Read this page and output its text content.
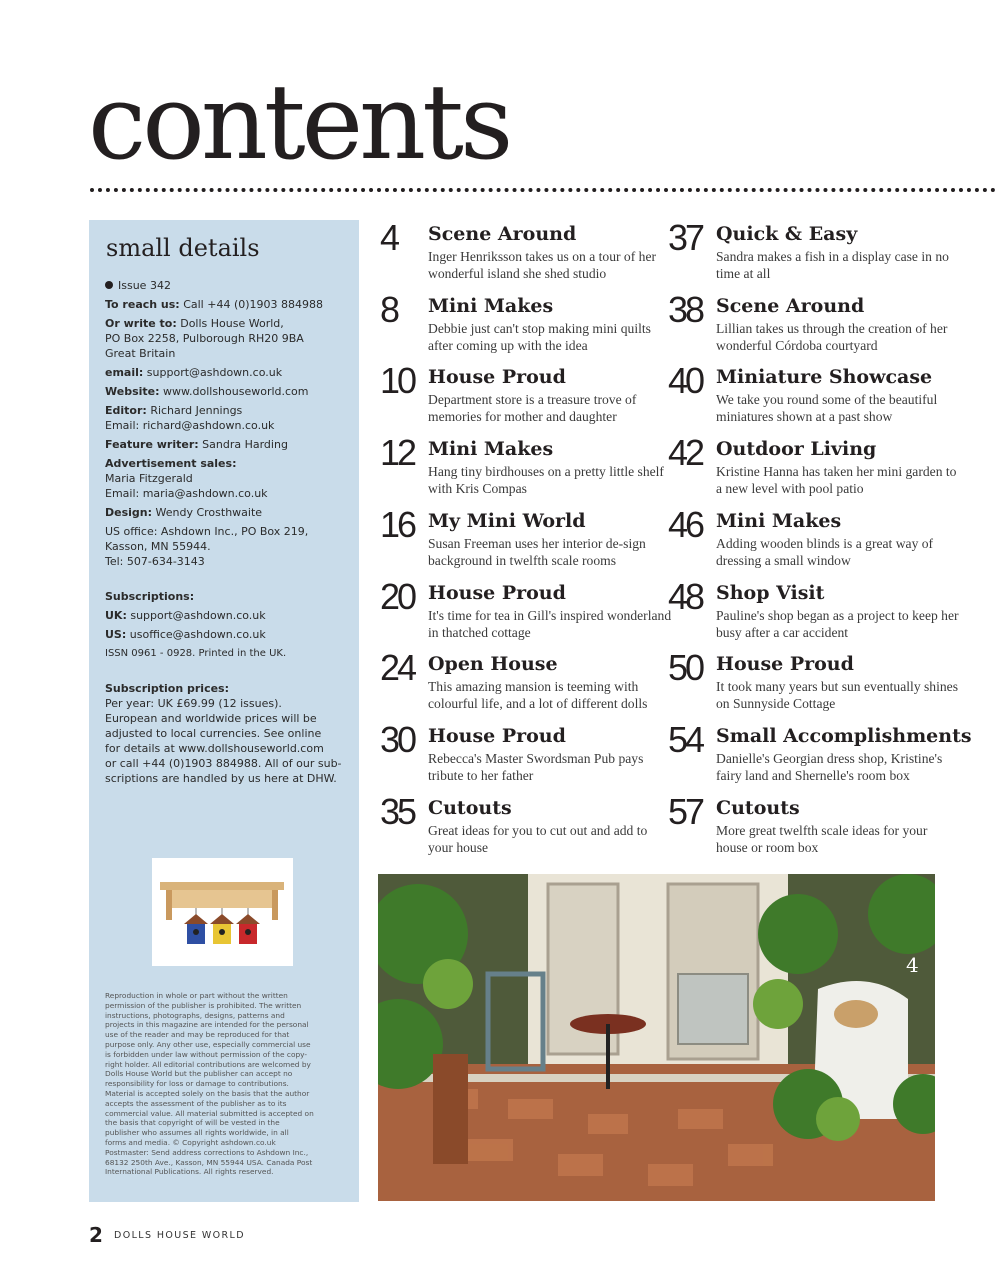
contents
small details

Issue 342

To reach us: Call +44 (0)1903 884988

Or write to: Dolls House World,
PO Box 2258, Pulborough RH20 9BA
Great Britain

email: support@ashdown.co.uk

Website: www.dollshouseworld.com

Editor: Richard Jennings
Email: richard@ashdown.co.uk

Feature writer: Sandra Harding

Advertisement sales:
Maria Fitzgerald
Email: maria@ashdown.co.uk

Design: Wendy Crosthwaite

US office: Ashdown Inc., PO Box 219,
Kasson, MN 55944.
Tel: 507-634-3143

Subscriptions:

UK: support@ashdown.co.uk

US: usoffice@ashdown.co.uk

ISSN 0961 - 0928. Printed in the UK.

Subscription prices:
Per year: UK £69.99 (12 issues).
European and worldwide prices will be
adjusted to local currencies. See online
for details at www.dollshouseworld.com
or call +44 (0)1903 884988. All of our sub-
scriptions are handled by us here at DHW.

Reproduction in whole or part without the written

permission of the publisher is prohibited. The written

instructions, photographs, designs, patterns and

projects in this magazine are intended for the personal

use of the reader and may be reproduced for that

purpose only. Any other use, especially commercial use

is forbidden under law without permission of the copy-

right holder. All editorial contributions are welcomed by

Dolls House World but the publisher can accept no

responsibility for loss or damage to contributions.

Material is accepted solely on the basis that the author

accepts the assessment of the publisher as to its

commercial value. All material submitted is accepted on

the basis that copyright of will be vested in the

publisher who assumes all rights worldwide, in all

forms and media. © Copyright ashdown.co.uk

Postmaster: Send address corrections to Ashdown Inc.,

68132 250th Ave., Kasson, MN 55944 USA. Canada Post

International Publications. All rights reserved.

4 Scene Around
Inger Henriksson takes us on a tour of her wonderful island she shed studio
8 Mini Makes
Debbie just can't stop making mini quilts after coming up with the idea
10 House Proud
Department store is a treasure trove of memories for mother and daughter
12 Mini Makes
Hang tiny birdhouses on a pretty little shelf with Kris Compas
16 My Mini World
Susan Freeman uses her interior de-sign background in twelfth scale rooms
20 House Proud
It's time for tea in Gill's inspired wonderland in thatched cottage
24 Open House
This amazing mansion is teeming with colourful life, and a lot of different dolls
30 House Proud
Rebecca's Master Swordsman Pub pays tribute to her father
35 Cutouts
Great ideas for you to cut out and add to your house
37 Quick & Easy
Sandra makes a fish in a display case in no time at all
38 Scene Around
Lillian takes us through the creation of her wonderful Córdoba courtyard
40 Miniature Showcase
We take you round some of the beautiful miniatures shown at a past show
42 Outdoor Living
Kristine Hanna has taken her mini garden to a new level with pool patio
46 Mini Makes
Adding wooden blinds is a great way of dressing a small window
48 Shop Visit
Pauline's shop began as a project to keep her busy after a car accident
50 House Proud
It took many years but sun eventually shines on Sunnyside Cottage
54 Small Accomplishments
Danielle's Georgian dress shop, Kristine's fairy land and Shernelle's room box
57 Cutouts
More great twelfth scale ideas for your house or room box
4
2 DOLLS HOUSE WORLD
